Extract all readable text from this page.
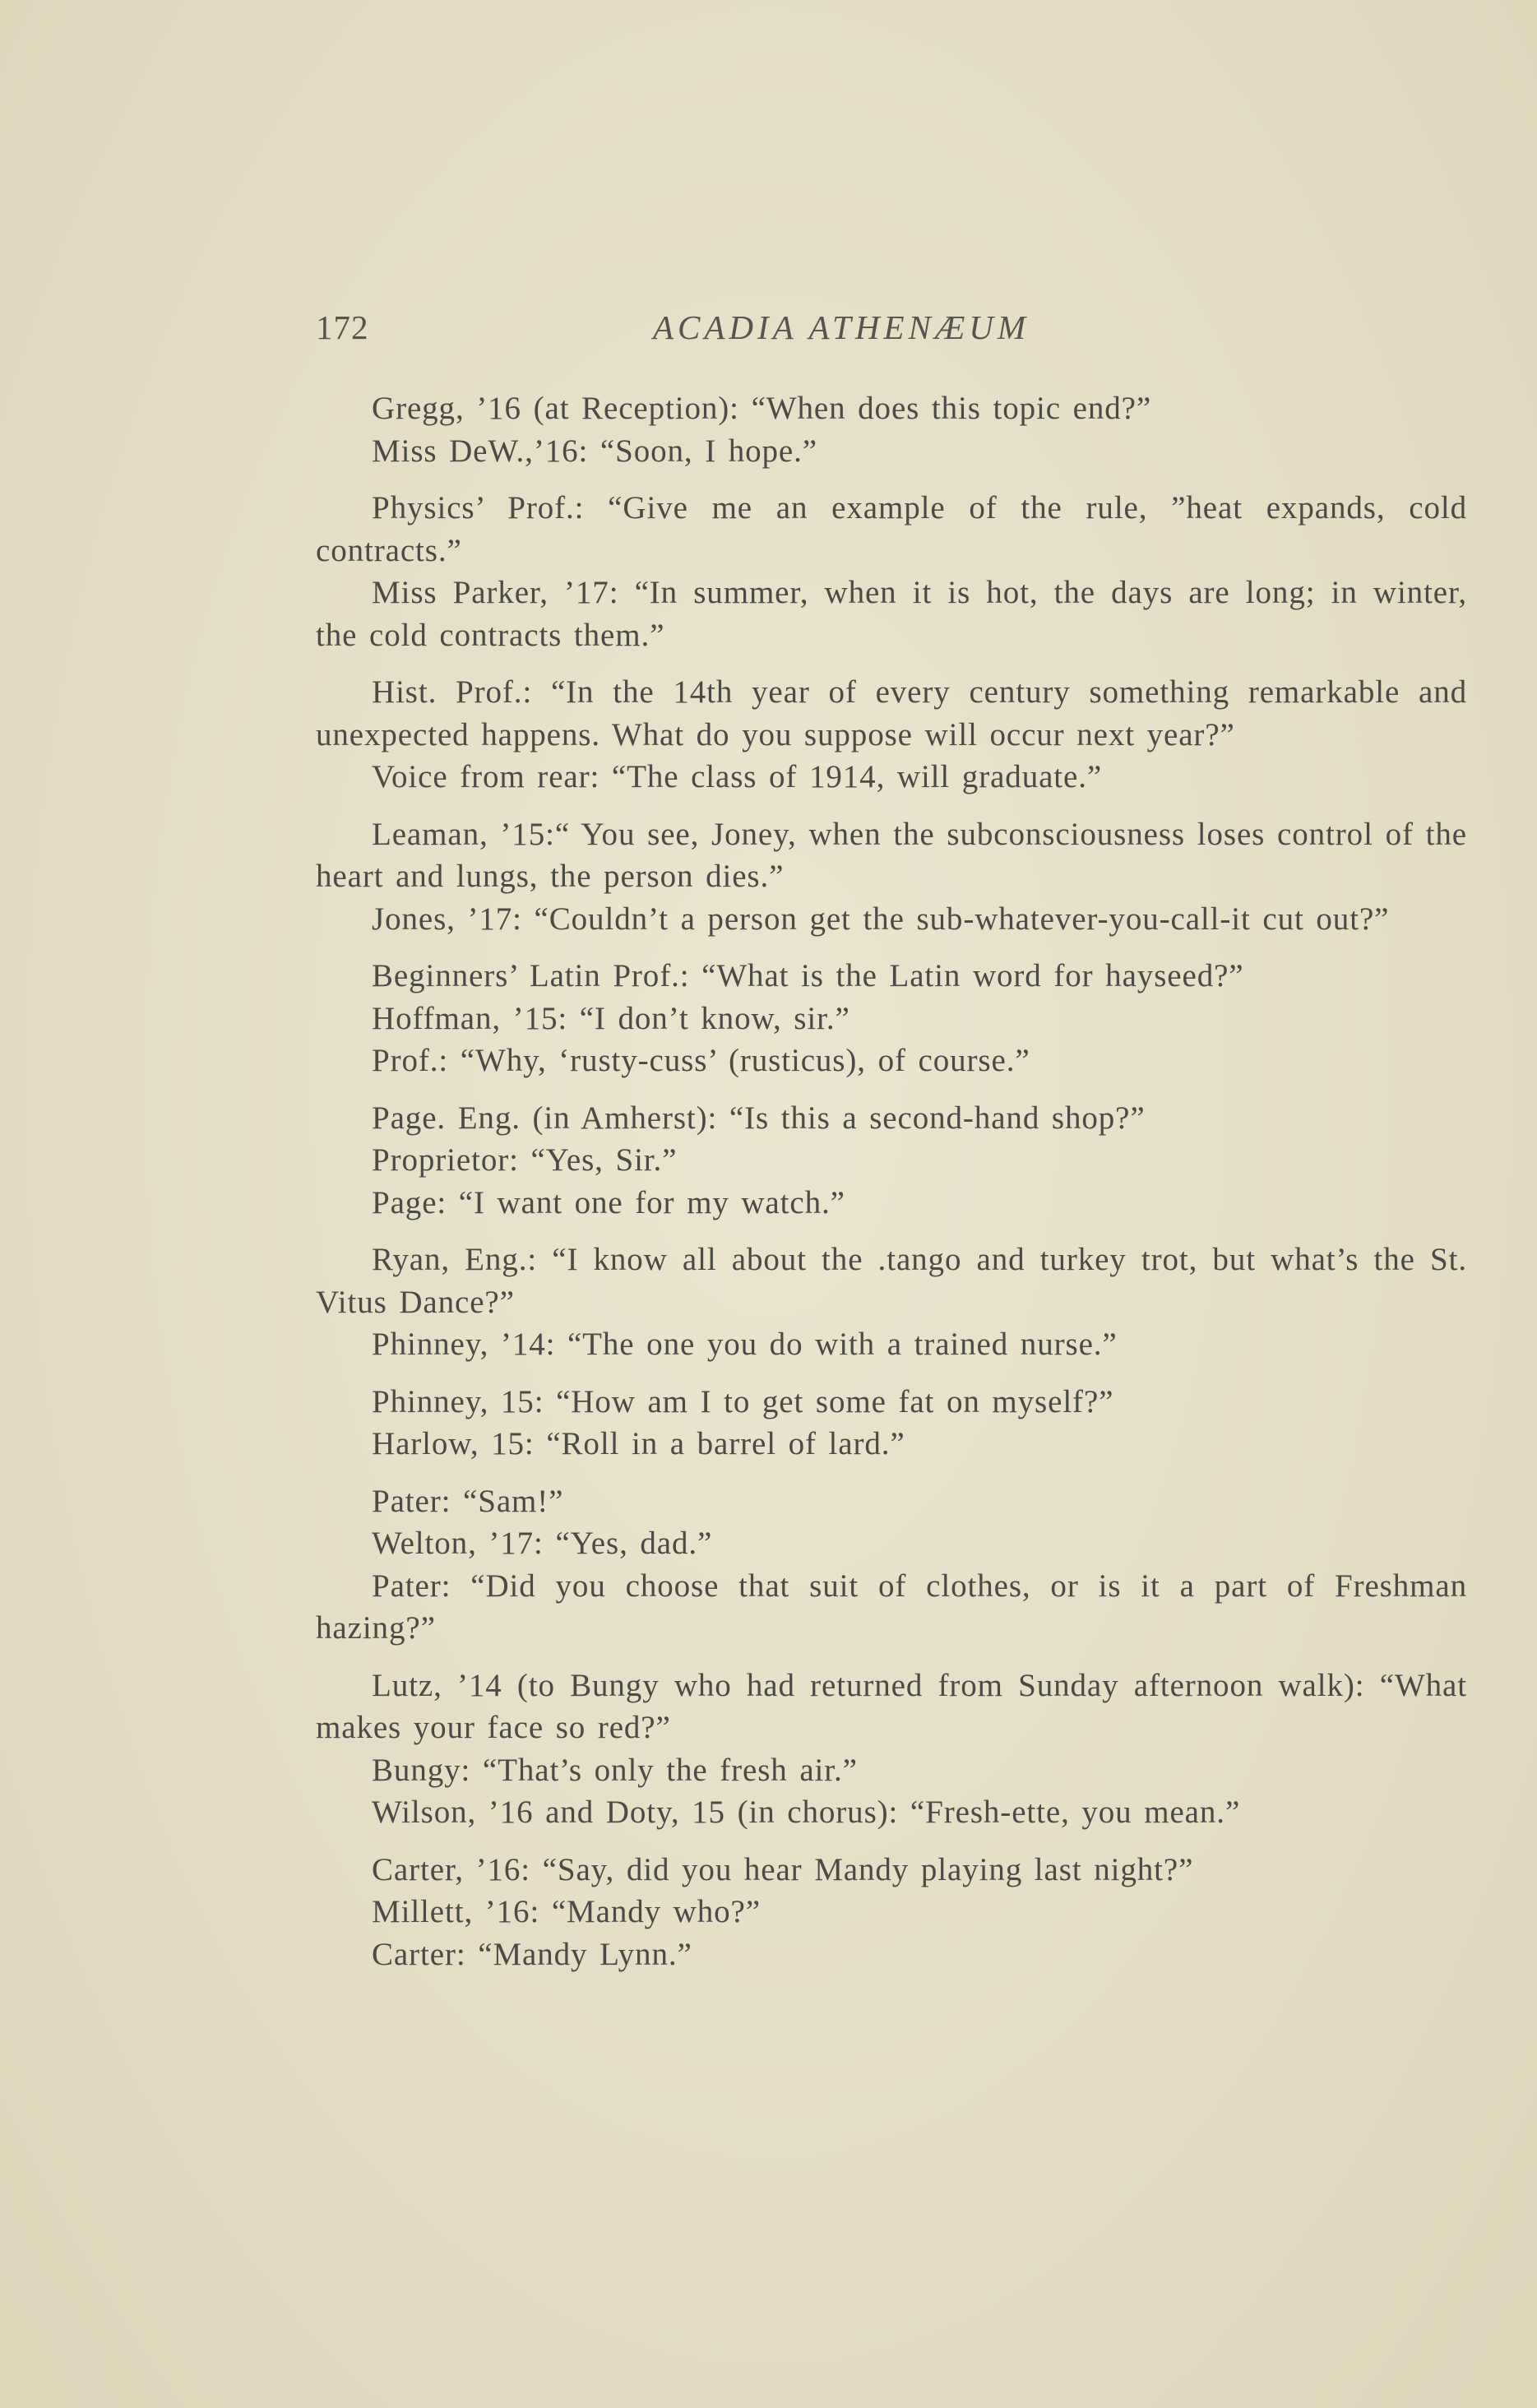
172	ACADIA ATHENÆUM

Gregg, ’16 (at Reception): “When does this topic end?”

Miss DeW.,’16: “Soon, I hope.”

Physics’ Prof.: “Give me an example of the rule, ”heat expands, cold contracts.”

Miss Parker, ’17: “In summer, when it is hot, the days are long; in winter, the cold contracts them.”

Hist. Prof.: “In the 14th year of every century something remarkable and unexpected happens. What do you suppose will occur next year?”

Voice from rear: “The class of 1914, will graduate.”

Leaman, ’15:“ You see, Joney, when the subconsciousness loses control of the heart and lungs, the person dies.”

Jones, ’17: “Couldn’t a person get the sub-whatever-you-call-it cut out?”

Beginners’ Latin Prof.: “What is the Latin word for hayseed?”

Hoffman, ’15: “I don’t know, sir.”

Prof.: “Why, ‘rusty-cuss’ (rusticus), of course.”

Page. Eng. (in Amherst): “Is this a second-hand shop?”

Proprietor: “Yes, Sir.”

Page: “I want one for my watch.”

Ryan, Eng.: “I know all about the .tango and turkey trot, but what’s the St. Vitus Dance?”

Phinney, ’14: “The one you do with a trained nurse.”

Phinney, 15: “How am I to get some fat on myself?”

Harlow, 15: “Roll in a barrel of lard.”

Pater: “Sam!”

Welton, ’17: “Yes, dad.”

Pater: “Did you choose that suit of clothes, or is it a part of Freshman hazing?”

Lutz, ’14 (to Bungy who had returned from Sunday afternoon walk): “What makes your face so red?”

Bungy: “That’s only the fresh air.”

Wilson, ’16 and Doty, 15 (in chorus): “Fresh-ette, you mean.”

Carter, ’16: “Say, did you hear Mandy playing last night?”

Millett, ’16: “Mandy who?”

Carter: “Mandy Lynn.”
